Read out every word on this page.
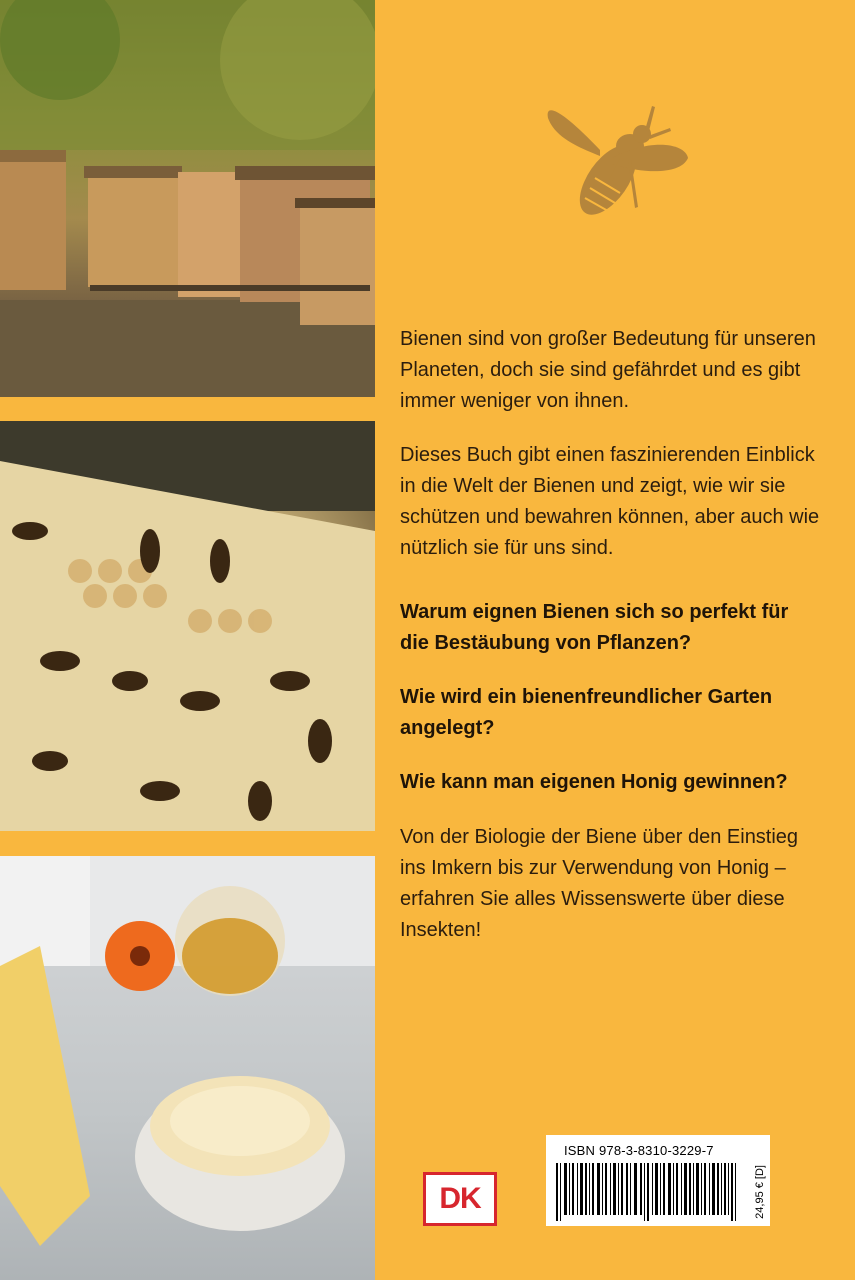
Bienen sind von großer Bedeutung für unseren Planeten, doch sie sind gefährdet und es gibt immer weniger von ihnen.

Dieses Buch gibt einen faszinierenden Einblick in die Welt der Bienen und zeigt, wie wir sie schützen und bewahren können, aber auch wie nützlich sie für uns sind.

Warum eignen Bienen sich so perfekt für die Bestäubung von Pflanzen?

Wie wird ein bienenfreundlicher Garten angelegt?

Wie kann man eigenen Honig gewinnen?

Von der Biologie der Biene über den Einstieg ins Imkern bis zur Verwendung von Honig – erfahren Sie alles Wissenswerte über diese Insekten!

DK
ISBN 978-3-8310-3229-7
24,95 € [D]
